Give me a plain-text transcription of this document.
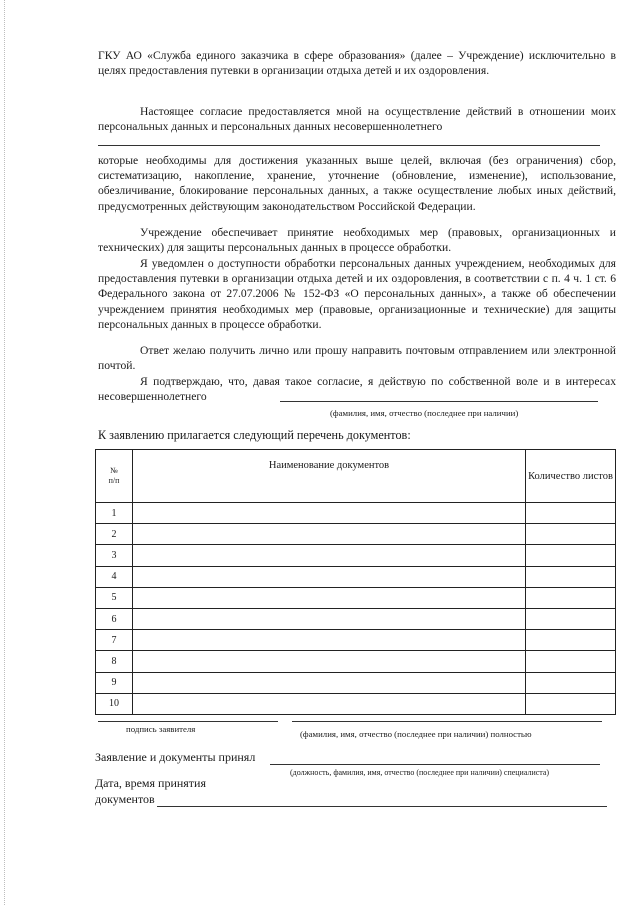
ГКУ АО «Служба единого заказчика в сфере образования» (далее – Учреждение) исключительно в целях предоставления путевки в организации отдыха детей и их оздоровления.

Настоящее согласие предоставляется мной на осуществление действий в отношении моих персональных данных и персональных данных несовершеннолетнего

которые необходимы для достижения указанных выше целей, включая (без ограничения) сбор, систематизацию, накопление, хранение, уточнение (обновление, изменение), использование, обезличивание, блокирование персональных данных, а также осуществление любых иных действий, предусмотренных действующим законодательством Российской Федерации.

Учреждение обеспечивает принятие необходимых мер (правовых, организационных и технических) для защиты персональных данных в процессе обработки.

Я уведомлен о доступности обработки персональных данных учреждением, необходимых для предоставления путевки в организации отдыха детей и их оздоровления, в соответствии с п. 4 ч. 1 ст. 6 Федерального закона от 27.07.2006 № 152-ФЗ «О персональных данных», а также об обеспечении учреждением принятия необходимых мер (правовые, организационные и технические) для защиты персональных данных в процессе обработки.

Ответ желаю получить лично или прошу направить почтовым отправлением или электронной почтой.

Я подтверждаю, что, давая такое согласие, я действую по собственной воле и в интересах несовершеннолетнего

(фамилия, имя, отчество (последнее при наличии)
К заявлению прилагается следующий перечень документов:
№
п/п	Наименование документов	Количество листов
1		
2		
3		
4		
5		
6		
7		
8		
9		
10		
подпись заявителя	(фамилия, имя, отчество (последнее при наличии) полностью
Заявление и документы принял
(должность, фамилия, имя, отчество (последнее при наличии) специалиста)
Дата, время принятия
документов
